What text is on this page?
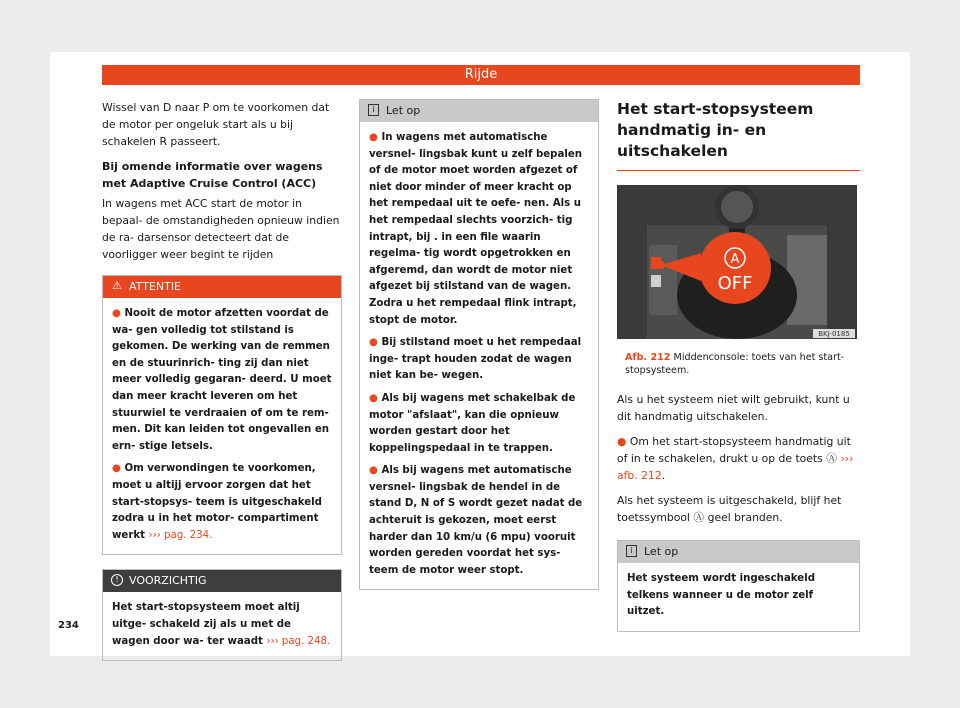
Rijde

Wissel van D naar P om te voorkomen dat de motor per ongeluk start als u bij schakelen R passeert.

Bij omende informatie over wagens met Adaptive Cruise Control (ACC)

In wagens met ACC start de motor in bepaal- de omstandigheden opnieuw indien de ra- darsensor detecteert dat de voorligger weer begint te rijden

⚠ ATTENTIE
● Nooit de motor afzetten voordat de wa- gen volledig tot stilstand is gekomen. De werking van de remmen en de stuurinrich- ting zij dan niet meer volledig gegaran- deerd. U moet dan meer kracht leveren om het stuurwiel te verdraaien of om te rem- men. Dit kan leiden tot ongevallen en ern- stige letsels.
● Om verwondingen te voorkomen, moet u altijj ervoor zorgen dat het start-stopsys- teem is uitgeschakeld zodra u in het motor- compartiment werkt ››› pag. 234.
! VOORZICHTIG
Het start-stopsysteem moet altij uitge- schakeld zij als u met de wagen door wa- ter waadt ››› pag. 248.
i	Let op
● In wagens met automatische versnel- lingsbak kunt u zelf bepalen of de motor moet worden afgezet of niet door minder of meer kracht op het rempedaal uit te oefe- nen. Als u het rempedaal slechts voorzich- tig intrapt, bij . in een file waarin regelma- tig wordt opgetrokken en afgeremd, dan wordt de motor niet afgezet bij stilstand van de wagen. Zodra u het rempedaal flink intrapt, stopt de motor.
● Bij stilstand moet u het rempedaal inge- trapt houden zodat de wagen niet kan be- wegen.
● Als bij wagens met schakelbak de motor "afslaat", kan die opnieuw worden gestart door het koppelingspedaal in te trappen.
● Als bij wagens met automatische versnel- lingsbak de hendel in de stand D, N of S wordt gezet nadat de achteruit is gekozen, moet eerst harder dan 10 km/u (6 mpu) vooruit worden gereden voordat het sys- teem de motor weer stopt.
Het start-stopsysteem handmatig in- en uitschakelen
A
OFF
BKJ-0185
Afb. 212 Middenconsole: toets van het start- stopsysteem.

Als u het systeem niet wilt gebruikt, kunt u dit handmatig uitschakelen.

● Om het start-stopsysteem handmatig uit of in te schakelen, drukt u op de toets Ⓐ ››› afb. 212.

Als het systeem is uitgeschakeld, blijf het toetssymbool Ⓐ geel branden.

i	Let op
Het systeem wordt ingeschakeld telkens wanneer u de motor zelf uitzet.
234
